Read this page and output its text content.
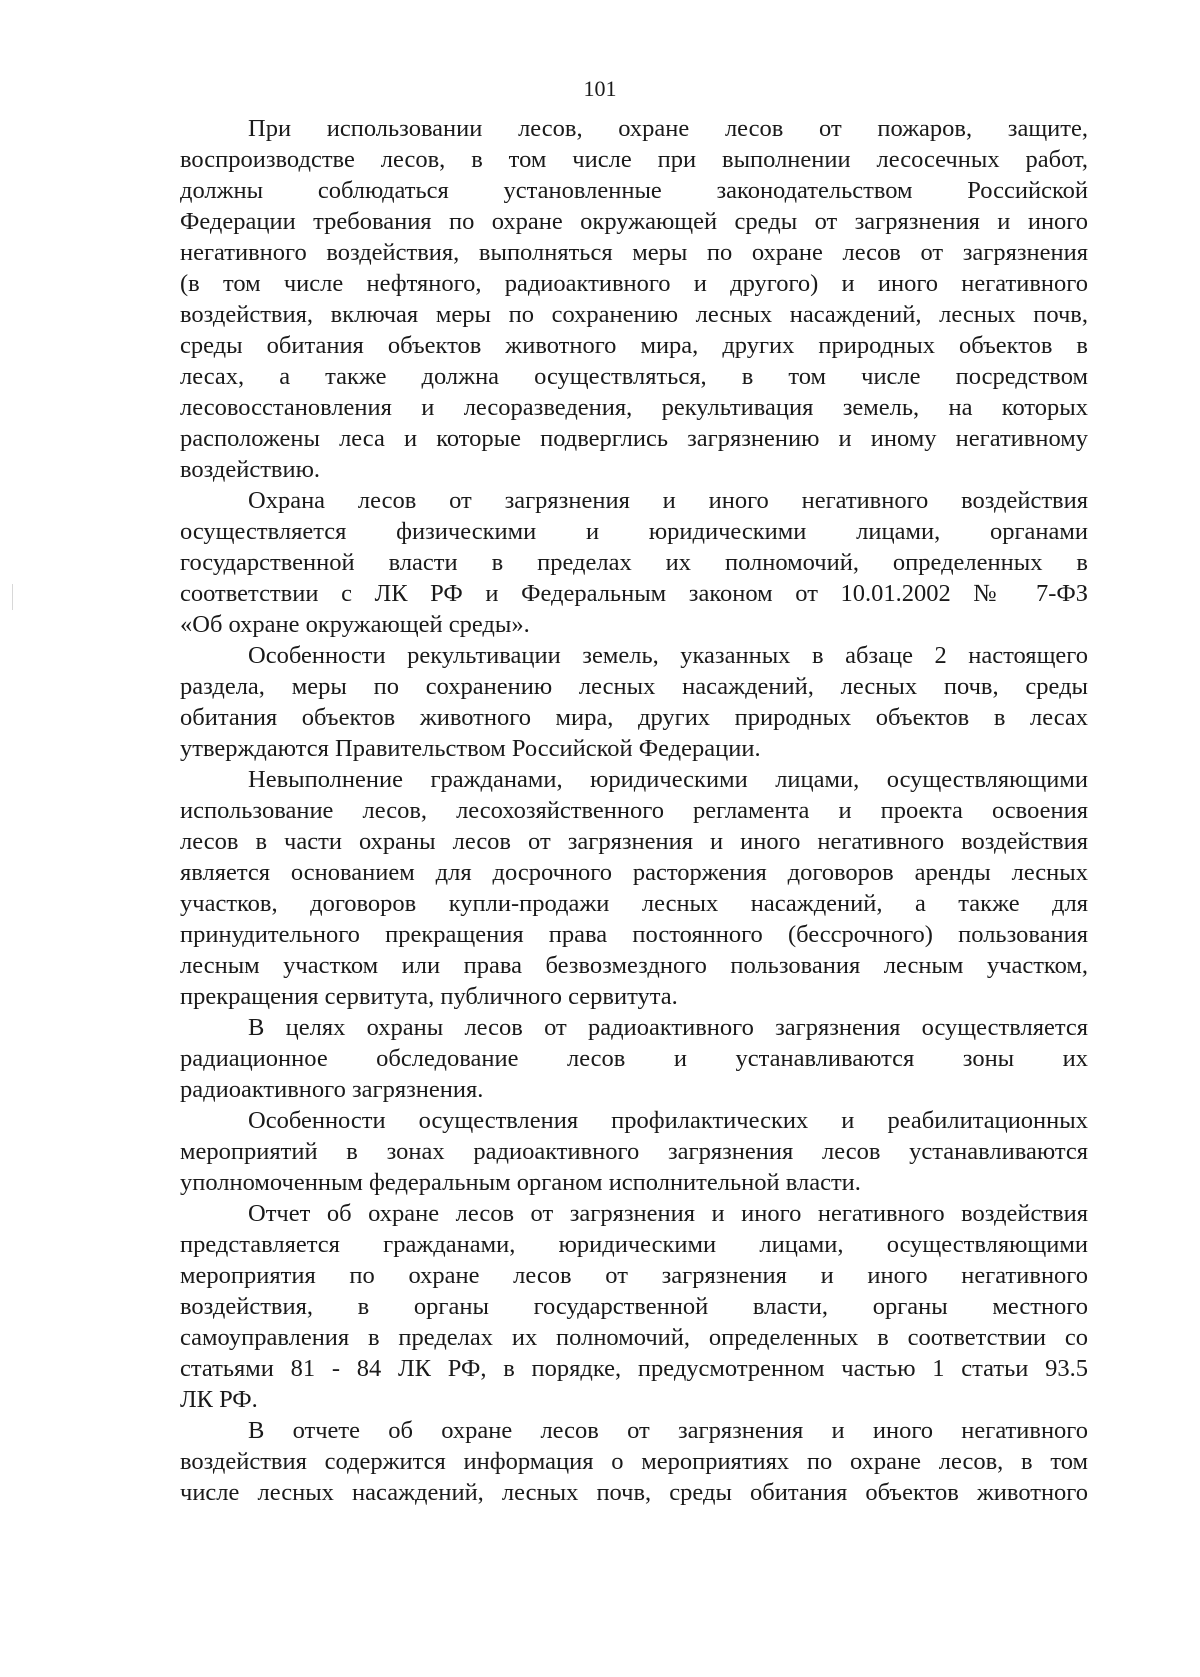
101
При использовании лесов, охране лесов от пожаров, защите,
воспроизводстве лесов, в том числе при выполнении лесосечных работ,
должны соблюдаться установленные законодательством Российской
Федерации требования по охране окружающей среды от загрязнения и иного
негативного воздействия, выполняться меры по охране лесов от загрязнения
(в том числе нефтяного, радиоактивного и другого) и иного негативного
воздействия, включая меры по сохранению лесных насаждений, лесных почв,
среды обитания объектов животного мира, других природных объектов в
лесах, а также должна осуществляться, в том числе посредством
лесовосстановления и лесоразведения, рекультивация земель, на которых
расположены леса и которые подверглись загрязнению и иному негативному
воздействию.
Охрана лесов от загрязнения и иного негативного воздействия
осуществляется физическими и юридическими лицами, органами
государственной власти в пределах их полномочий, определенных в
соответствии с ЛК РФ и Федеральным законом от 10.01.2002 № 7-ФЗ
«Об охране окружающей среды».
Особенности рекультивации земель, указанных в абзаце 2 настоящего
раздела, меры по сохранению лесных насаждений, лесных почв, среды
обитания объектов животного мира, других природных объектов в лесах
утверждаются Правительством Российской Федерации.
Невыполнение гражданами, юридическими лицами, осуществляющими
использование лесов, лесохозяйственного регламента и проекта освоения
лесов в части охраны лесов от загрязнения и иного негативного воздействия
является основанием для досрочного расторжения договоров аренды лесных
участков, договоров купли-продажи лесных насаждений, а также для
принудительного прекращения права постоянного (бессрочного) пользования
лесным участком или права безвозмездного пользования лесным участком,
прекращения сервитута, публичного сервитута.
В целях охраны лесов от радиоактивного загрязнения осуществляется
радиационное обследование лесов и устанавливаются зоны их
радиоактивного загрязнения.
Особенности осуществления профилактических и реабилитационных
мероприятий в зонах радиоактивного загрязнения лесов устанавливаются
уполномоченным федеральным органом исполнительной власти.
Отчет об охране лесов от загрязнения и иного негативного воздействия
представляется гражданами, юридическими лицами, осуществляющими
мероприятия по охране лесов от загрязнения и иного негативного
воздействия, в органы государственной власти, органы местного
самоуправления в пределах их полномочий, определенных в соответствии со
статьями 81 - 84 ЛК РФ, в порядке, предусмотренном частью 1 статьи 93.5
ЛК РФ.
В отчете об охране лесов от загрязнения и иного негативного
воздействия содержится информация о мероприятиях по охране лесов, в том
числе лесных насаждений, лесных почв, среды обитания объектов животного
